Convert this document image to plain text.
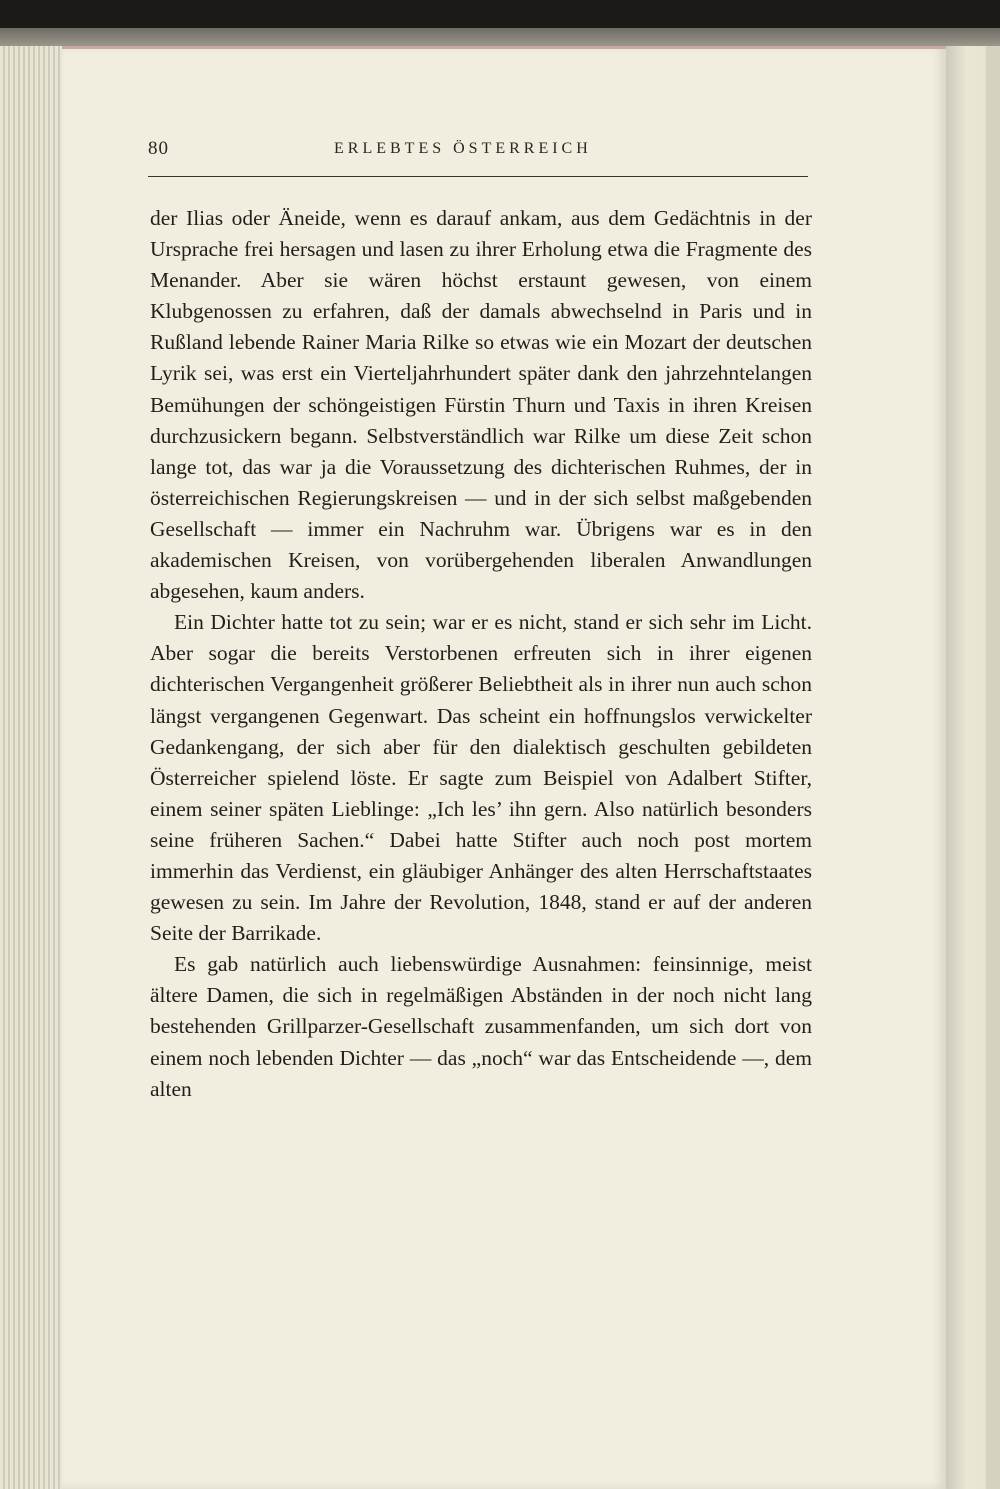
80	ERLEBTES ÖSTERREICH

der Ilias oder Äneide, wenn es darauf ankam, aus dem Gedächtnis in der Ursprache frei hersagen und lasen zu ihrer Erholung etwa die Fragmente des Menander. Aber sie wären höchst erstaunt gewesen, von einem Klubgenossen zu erfahren, daß der damals abwechselnd in Paris und in Rußland lebende Rainer Maria Rilke so etwas wie ein Mozart der deutschen Lyrik sei, was erst ein Vierteljahrhundert später dank den jahrzehntelangen Bemühungen der schöngeistigen Fürstin Thurn und Taxis in ihren Kreisen durchzusickern begann. Selbstverständlich war Rilke um diese Zeit schon lange tot, das war ja die Voraussetzung des dichterischen Ruhmes, der in österreichischen Regierungskreisen — und in der sich selbst maßgebenden Gesellschaft — immer ein Nachruhm war. Übrigens war es in den akademischen Kreisen, von vorübergehenden liberalen Anwandlungen abgesehen, kaum anders.

Ein Dichter hatte tot zu sein; war er es nicht, stand er sich sehr im Licht. Aber sogar die bereits Verstorbenen erfreuten sich in ihrer eigenen dichterischen Vergangenheit größerer Beliebtheit als in ihrer nun auch schon längst vergangenen Gegenwart. Das scheint ein hoffnungslos verwickelter Gedankengang, der sich aber für den dialektisch geschulten gebildeten Österreicher spielend löste. Er sagte zum Beispiel von Adalbert Stifter, einem seiner späten Lieblinge: „Ich les’ ihn gern. Also natürlich besonders seine früheren Sachen.“ Dabei hatte Stifter auch noch post mortem immerhin das Verdienst, ein gläubiger Anhänger des alten Herrschaftstaates gewesen zu sein. Im Jahre der Revolution, 1848, stand er auf der anderen Seite der Barrikade.

Es gab natürlich auch liebenswürdige Ausnahmen: feinsinnige, meist ältere Damen, die sich in regelmäßigen Abständen in der noch nicht lang bestehenden Grillparzer-Gesellschaft zusammenfanden, um sich dort von einem noch lebenden Dichter — das „noch“ war das Entscheidende —, dem alten
